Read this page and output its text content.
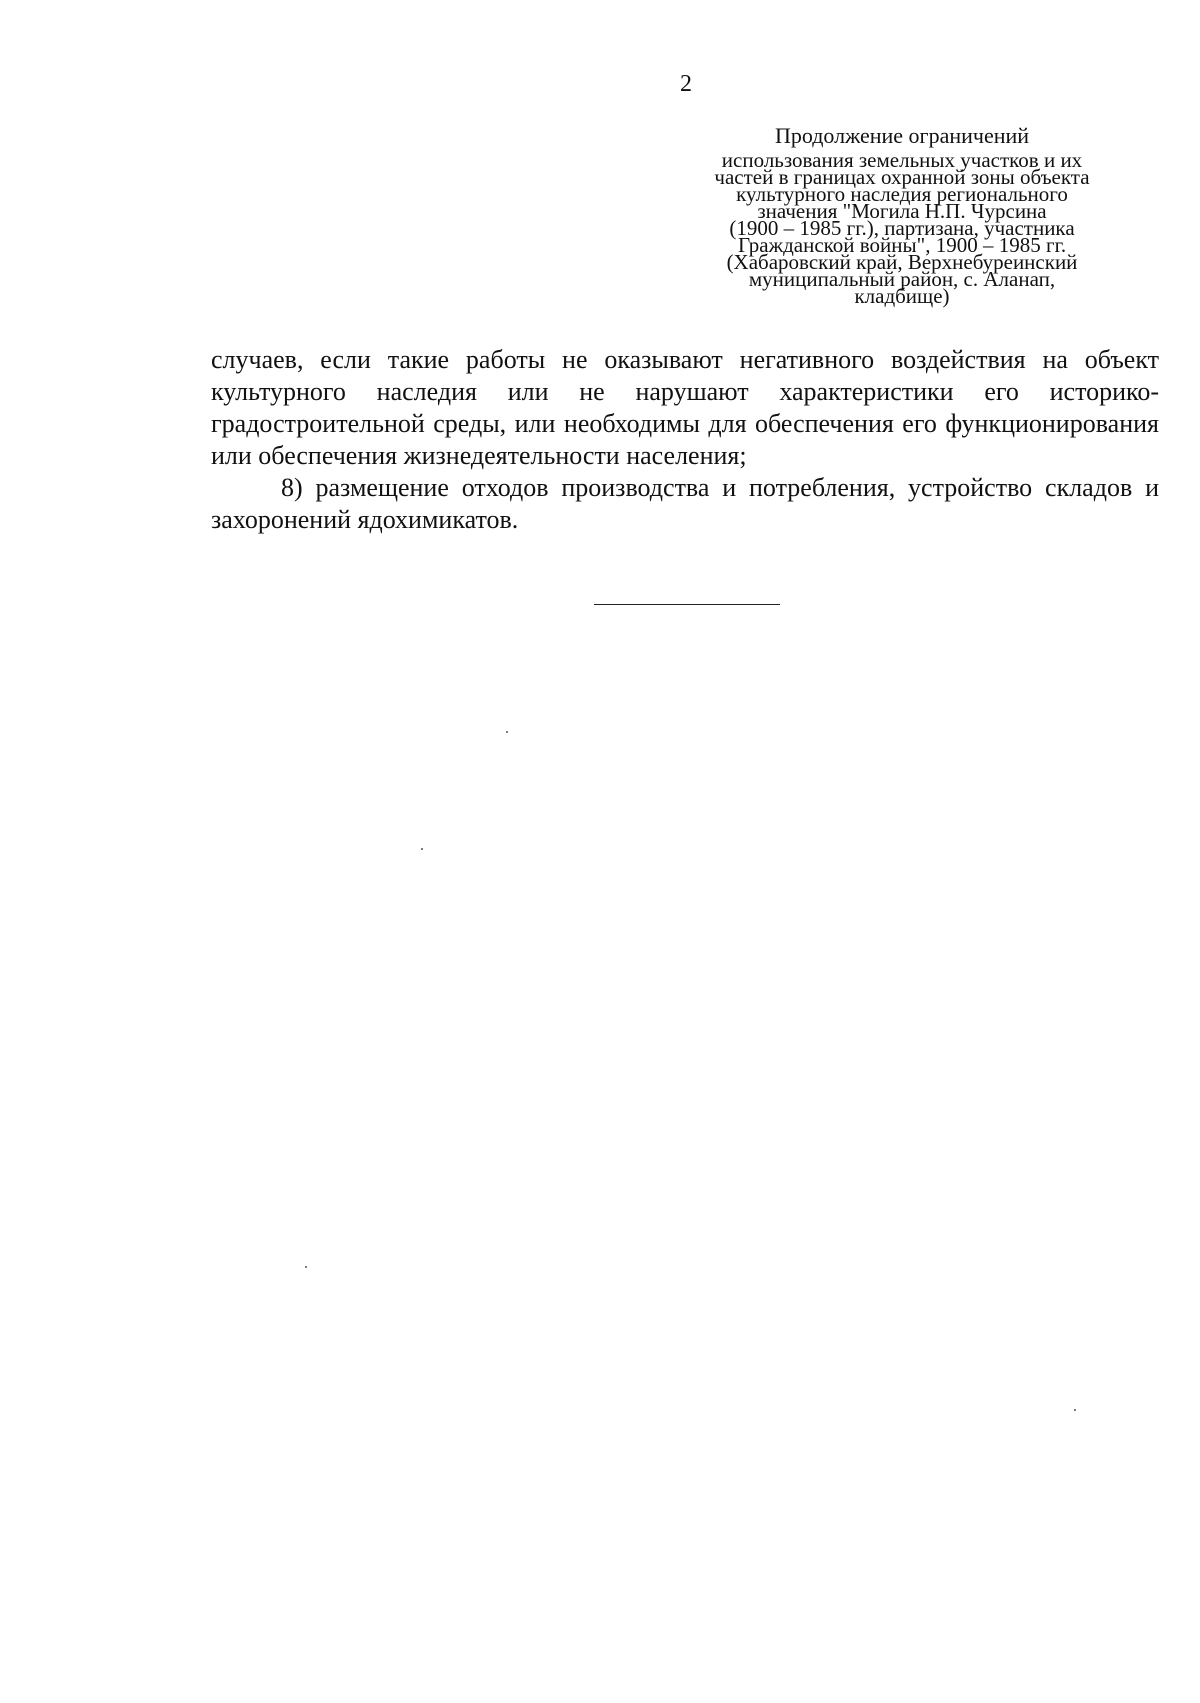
2

Продолжение ограничений

использования земельных участков и их

частей в границах охранной зоны объекта

культурного наследия регионального

значения "Могила Н.П. Чурсина

(1900 – 1985 гг.), партизана, участника

Гражданской войны", 1900 – 1985 гг.

(Хабаровский край, Верхнебуреинский

муниципальный район, с. Аланап,

кладбище)

случаев, если такие работы не оказывают негативного воздействия на объект культурного наследия или не нарушают характеристики его историко-градостроительной среды, или необходимы для обеспечения его функционирования или обеспечения жизнедеятельности населения;

8) размещение отходов производства и потребления, устройство складов и захоронений ядохимикатов.
